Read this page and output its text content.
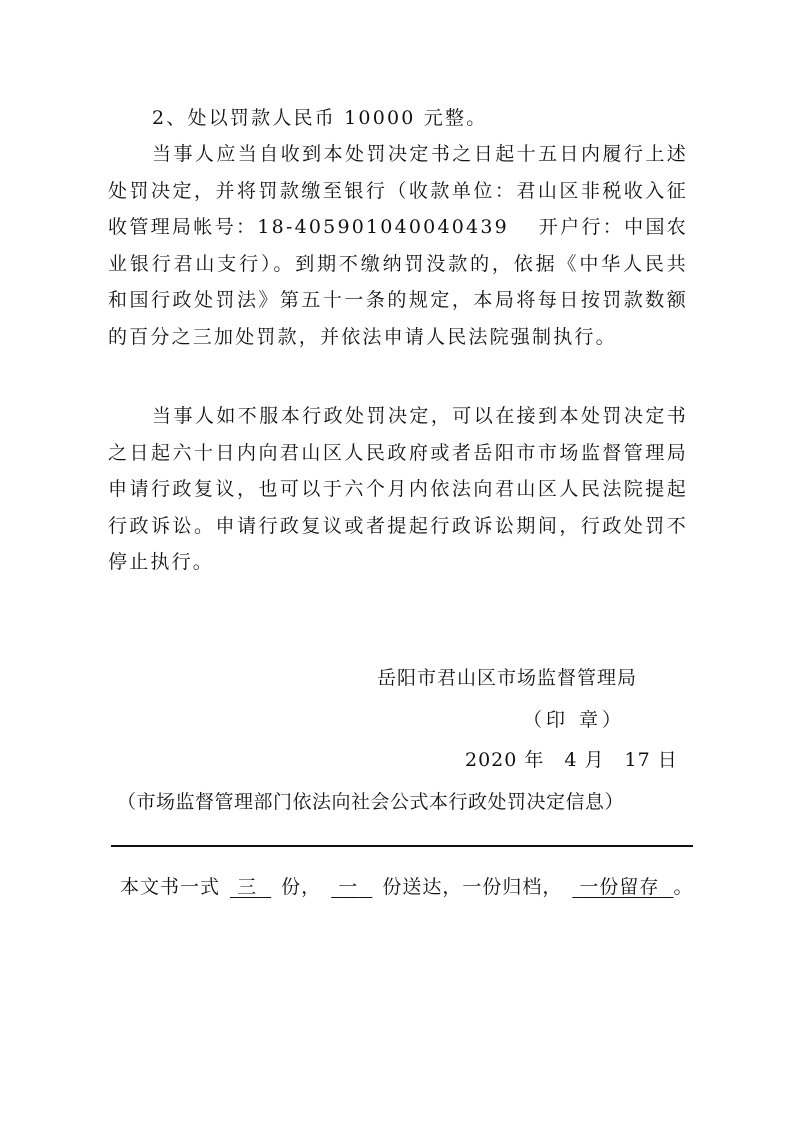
2、处以罚款人民币 10000 元整。

当事人应当自收到本处罚决定书之日起十五日内履行上述处罚决定，并将罚款缴至银行（收款单位：君山区非税收入征收管理局帐号：18-405901040040439　 开户行：中国农业银行君山支行）。到期不缴纳罚没款的，依据《中华人民共和国行政处罚法》第五十一条的规定，本局将每日按罚款数额的百分之三加处罚款，并依法申请人民法院强制执行。

当事人如不服本行政处罚决定，可以在接到本处罚决定书之日起六十日内向君山区人民政府或者岳阳市市场监督管理局申请行政复议，也可以于六个月内依法向君山区人民法院提起行政诉讼。申请行政复议或者提起行政诉讼期间，行政处罚不停止执行。

岳阳市君山区市场监督管理局
（印 章）
2020 年　4 月　17 日
（市场监督管理部门依法向社会公式本行政处罚决定信息）
本文书一式 三 份， 一 份送达，一份归档， 一份留存 。
